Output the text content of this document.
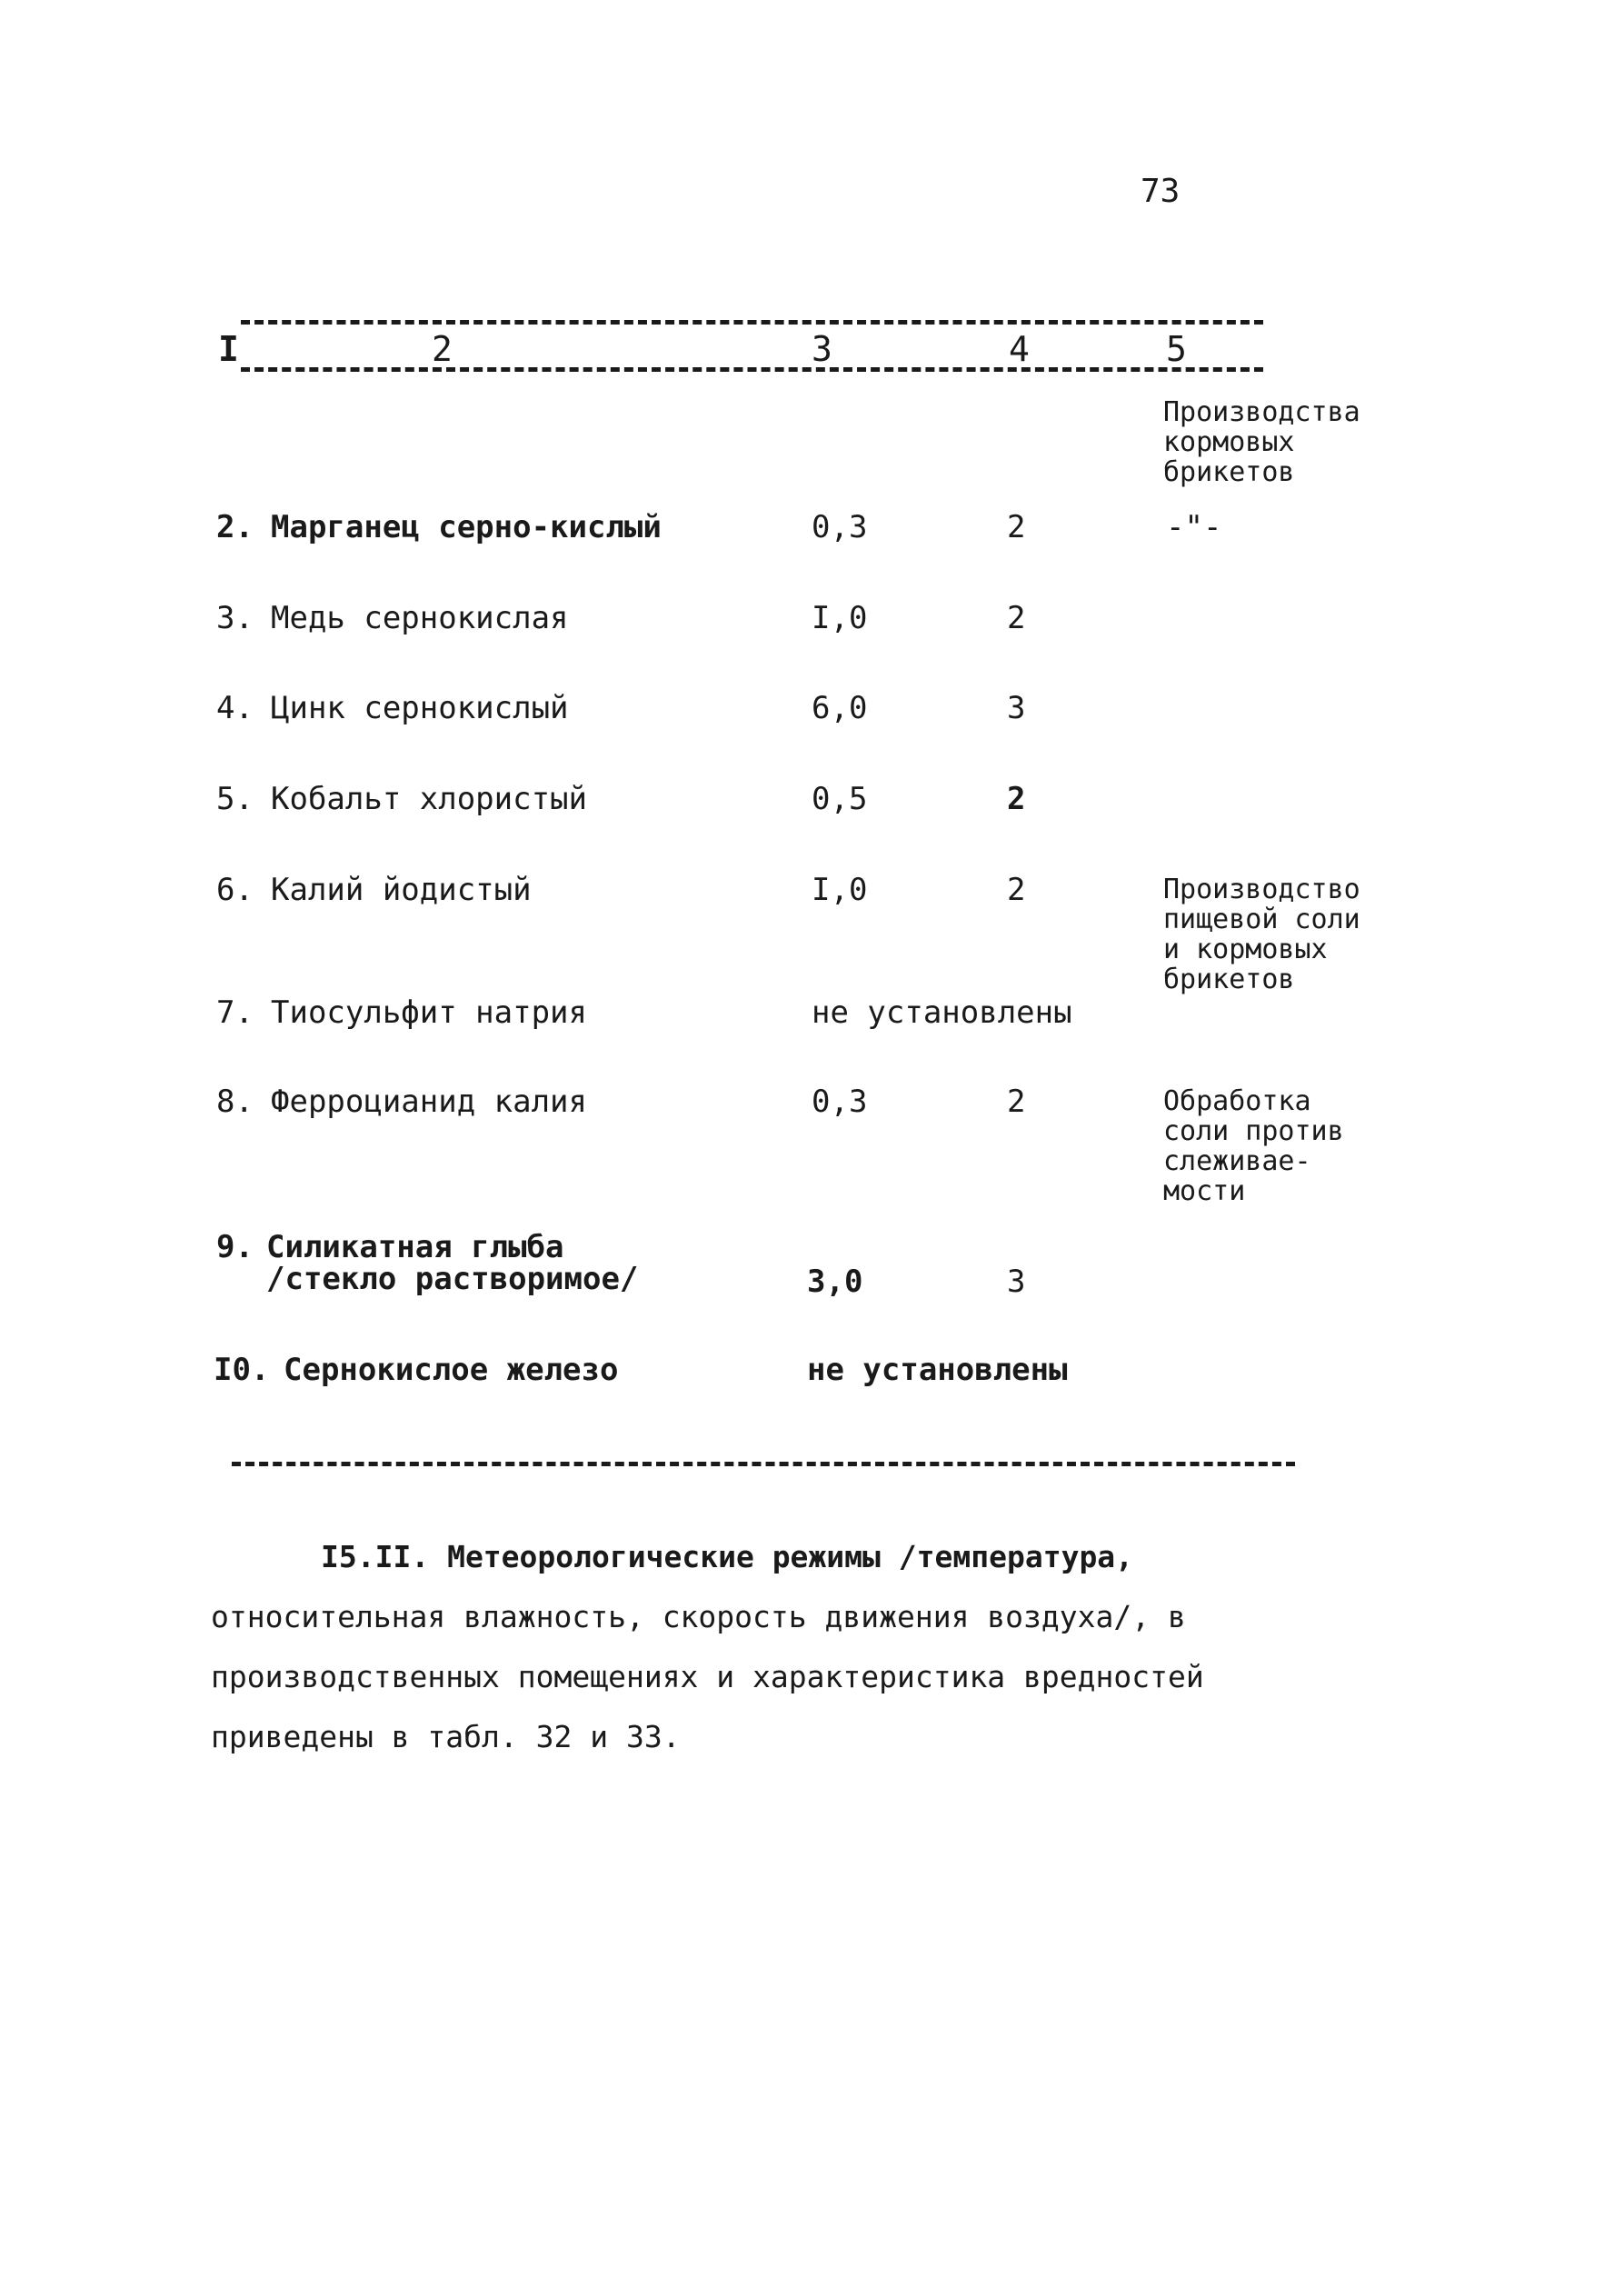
73
I	2	3	4	5
Производства
кормовых
брикетов
2. Марганец серно-кислый	0,3	2	-"-
3. Медь сернокислая	I,0	2
4. Цинк сернокислый	6,0	3
5. Кобальт хлористый	0,5	2
6. Калий йодистый	I,0	2	Производство
пищевой соли
и кормовых
брикетов
7. Тиосульфит натрия	не установлены
8. Ферроцианид калия	0,3	2	Обработка
соли против
слеживае-
мости
9. Силикатная глыба
/стекло растворимое/	3,0	3
I0. Сернокислое железо	не установлены
I5.II. Метеорологические режимы /температура,
относительная влажность, скорость движения воздуха/, в
производственных помещениях и характеристика вредностей
приведены в табл. 32 и 33.
